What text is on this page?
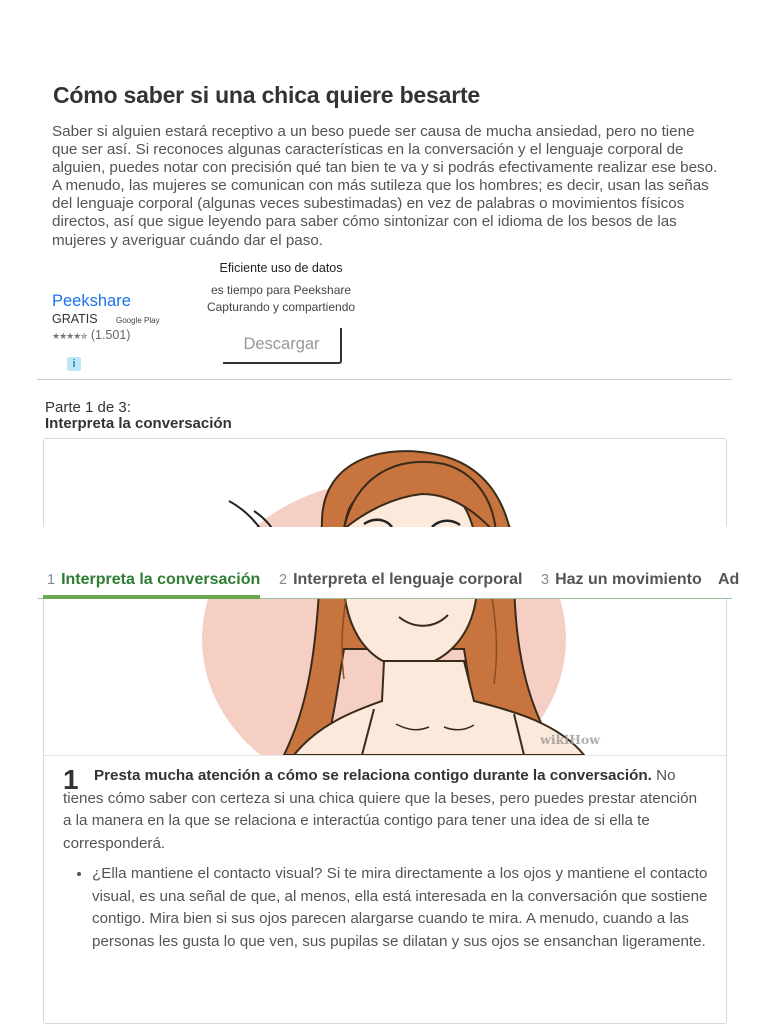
Cómo saber si una chica quiere besarte

Saber si alguien estará receptivo a un beso puede ser causa de mucha ansiedad, pero no tiene que ser así. Si reconoces algunas características en la conversación y el lenguaje corporal de alguien, puedes notar con precisión qué tan bien te va y si podrás efectivamente realizar ese beso. A menudo, las mujeres se comunican con más sutileza que los hombres; es decir, usan las señas del lenguaje corporal (algunas veces subestimadas) en vez de palabras o movimientos físicos directos, así que sigue leyendo para saber cómo sintonizar con el idioma de los besos de las mujeres y averiguar cuándo dar el paso.

Eficiente uso de datos
es tiempo para Peekshare
Capturando y compartiendo
Peekshare
GRATIS Google Play
★★★★✯ (1.501)	Descargar
i
Parte 1 de 3:
Interpreta la conversación
wikiHow
1	Presta mucha atención a cómo se relaciona contigo durante la conversación. No tienes cómo saber con certeza si una chica quiere que la beses, pero puedes prestar atención a la manera en la que se relaciona e interactúa contigo para tener una idea de si ella te corresponderá.

• ¿Ella mantiene el contacto visual? Si te mira directamente a los ojos y mantiene el contacto visual, es una señal de que, al menos, ella está interesada en la conversación que sostiene contigo. Mira bien si sus ojos parecen alargarse cuando te mira. A menudo, cuando a las personas les gusta lo que ven, sus pupilas se dilatan y sus ojos se ensanchan ligeramente.
1 Interpreta la conversación 2 Interpreta el lenguaje corporal 3 Haz un movimiento Ad
